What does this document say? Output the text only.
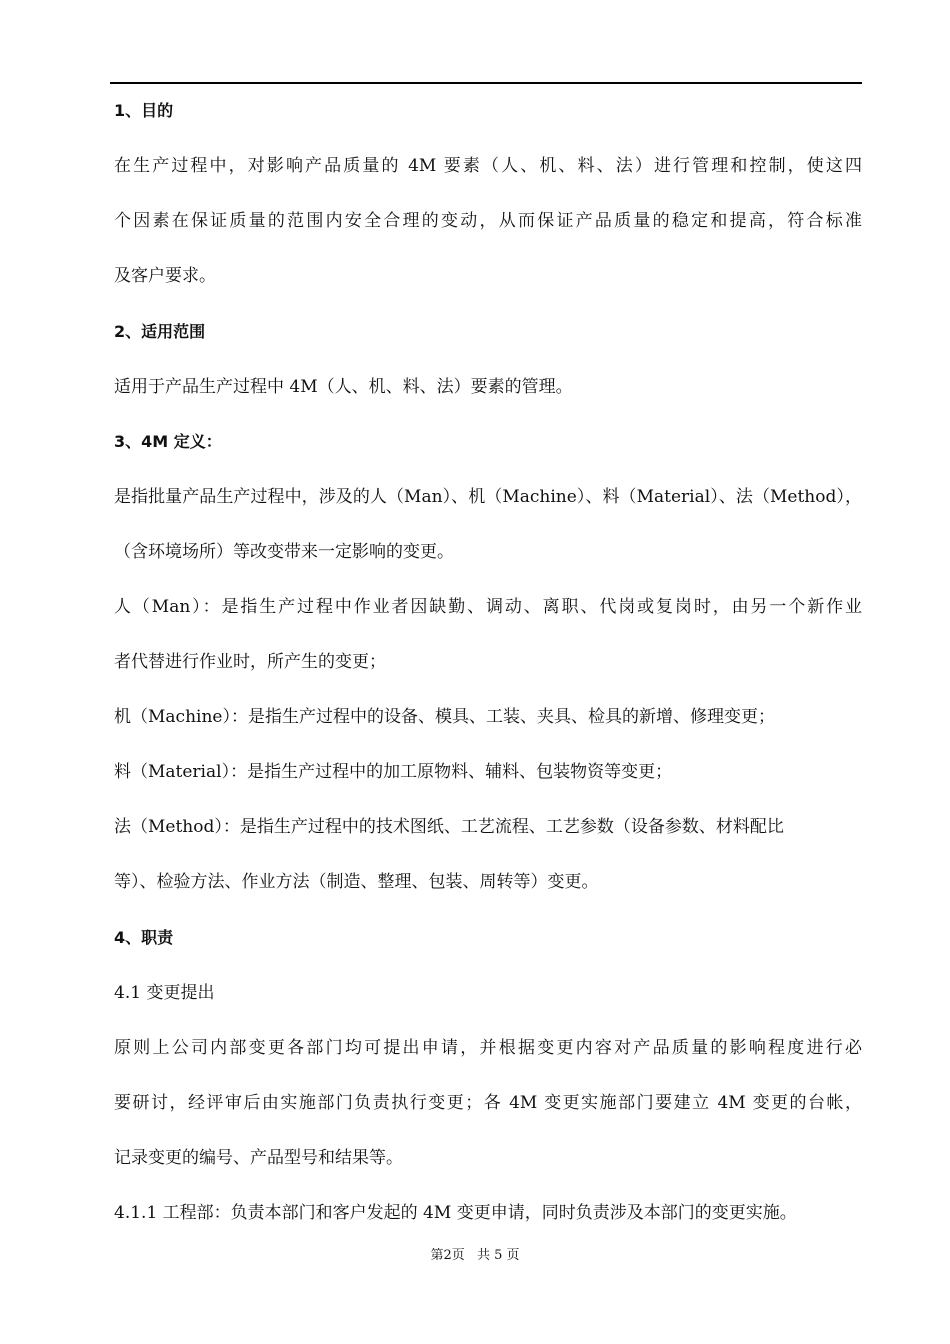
1、目的
在生产过程中，对影响产品质量的 4M 要素（人、机、料、法）进行管理和控制，使这四
个因素在保证质量的范围内安全合理的变动，从而保证产品质量的稳定和提高，符合标准
及客户要求。
2、适用范围
适用于产品生产过程中 4M（人、机、料、法）要素的管理。
3、4M 定义：
是指批量产品生产过程中，涉及的人（Man）、机（Machine）、料（Material）、法（Method），
（含环境场所）等改变带来一定影响的变更。
人（Man）：是指生产过程中作业者因缺勤、调动、离职、代岗或复岗时，由另一个新作业
者代替进行作业时，所产生的变更；
机（Machine）：是指生产过程中的设备、模具、工装、夹具、检具的新增、修理变更；
料（Material）：是指生产过程中的加工原物料、辅料、包装物资等变更；
法（Method）：是指生产过程中的技术图纸、工艺流程、工艺参数（设备参数、材料配比
等）、检验方法、作业方法（制造、整理、包装、周转等）变更。
4、职责
4.1 变更提出
原则上公司内部变更各部门均可提出申请，并根据变更内容对产品质量的影响程度进行必
要研讨，经评审后由实施部门负责执行变更；各 4M 变更实施部门要建立 4M 变更的台帐，
记录变更的编号、产品型号和结果等。
4.1.1 工程部：负责本部门和客户发起的 4M 变更申请，同时负责涉及本部门的变更实施。
第2页 共 5 页
